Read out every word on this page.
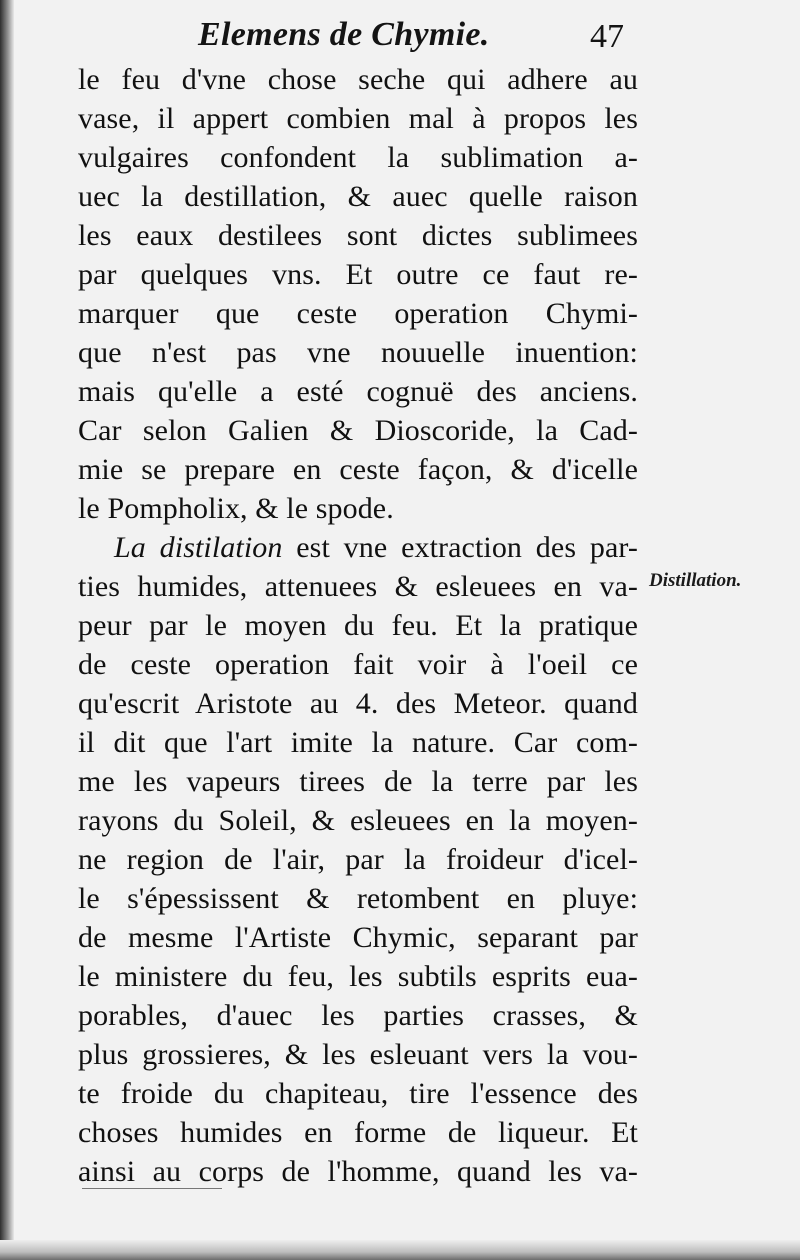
Elemens de Chymie.	47
le feu d'vne chose seche qui adhere au
vase, il appert combien mal à propos les
vulgaires confondent la sublimation a-
uec la destillation, & auec quelle raison
les eaux destilees sont dictes sublimees
par quelques vns. Et outre ce faut re-
marquer que ceste operation Chymi-
que n'est pas vne nouuelle inuention:
mais qu'elle a esté cognuë des anciens.
Car selon Galien & Dioscoride, la Cad-
mie se prepare en ceste façon, & d'icelle
le Pompholix, & le spode.
La distilation est vne extraction des par-
ties humides, attenuees & esleuees en va-
peur par le moyen du feu. Et la pratique
de ceste operation fait voir à l'oeil ce
qu'escrit Aristote au 4. des Meteor. quand
il dit que l'art imite la nature. Car com-
me les vapeurs tirees de la terre par les
rayons du Soleil, & esleuees en la moyen-
ne region de l'air, par la froideur d'icel-
le s'épessissent & retombent en pluye:
de mesme l'Artiste Chymic, separant par
le ministere du feu, les subtils esprits eua-
porables, d'auec les parties crasses, &
plus grossieres, & les esleuant vers la vou-
te froide du chapiteau, tire l'essence des
choses humides en forme de liqueur. Et
ainsi au corps de l'homme, quand les va-
Distillation.
